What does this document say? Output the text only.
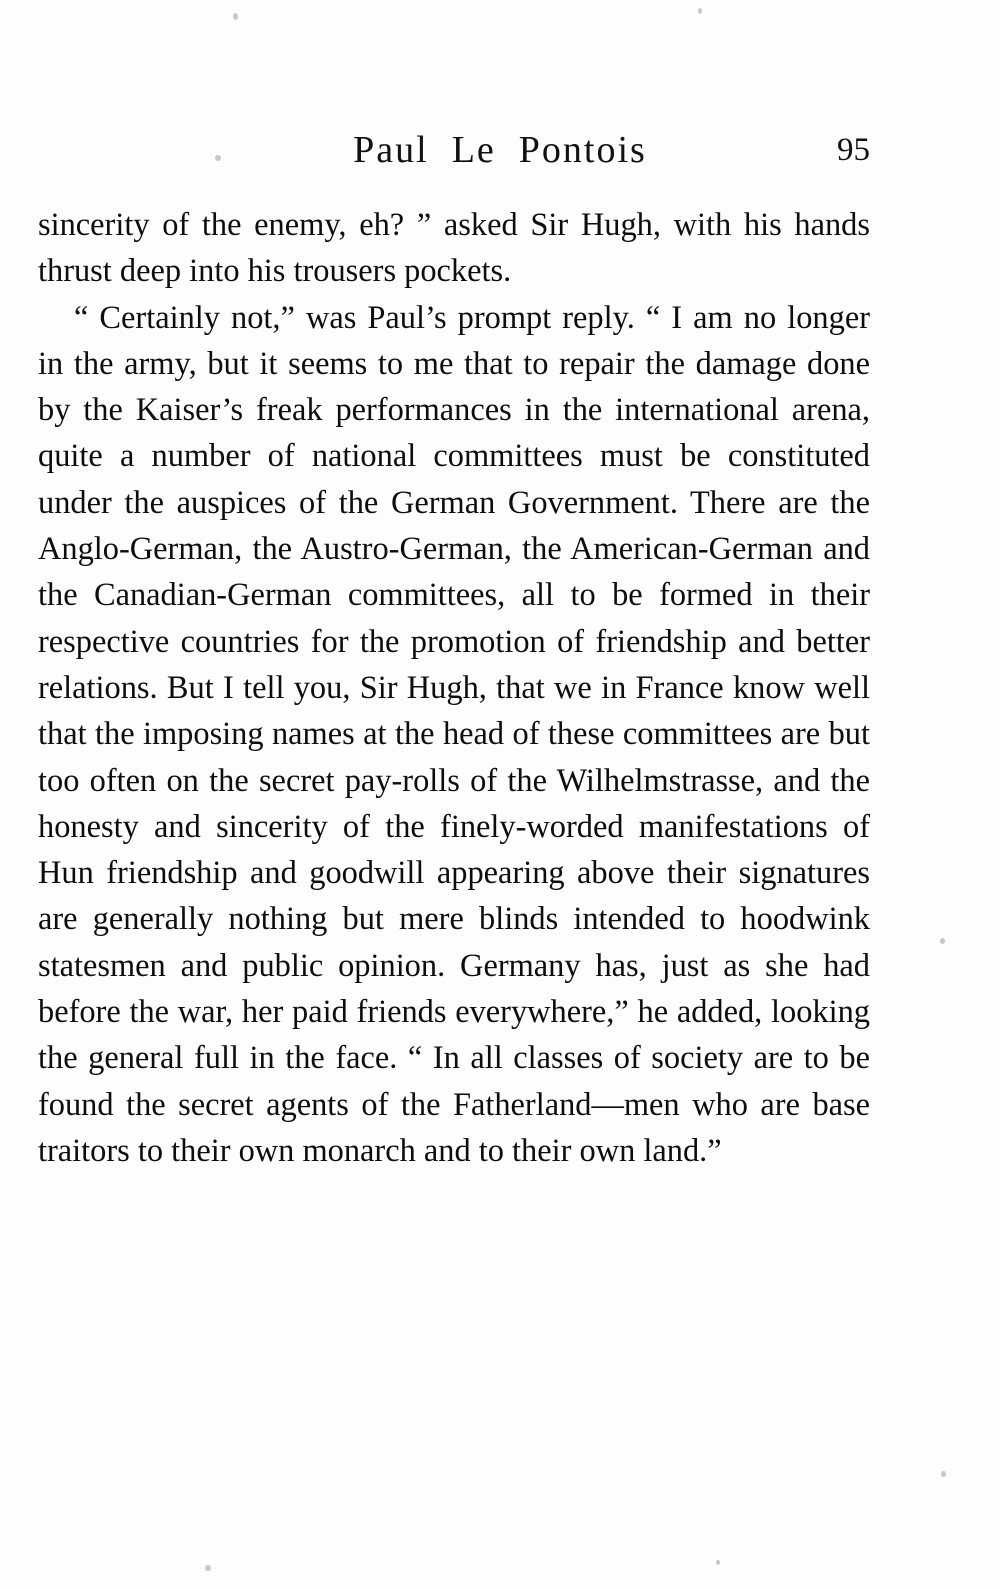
Paul  Le  Pontois	95

sincerity of the enemy, eh? ” asked Sir Hugh, with his hands thrust deep into his trousers pockets.

“ Certainly not,” was Paul’s prompt reply. “ I am no longer in the army, but it seems to me that to repair the damage done by the Kaiser’s freak performances in the international arena, quite a number of national committees must be constituted under the auspices of the German Government. There are the Anglo-German, the Austro-German, the American-German and the Canadian-German committees, all to be formed in their respective countries for the promotion of friendship and better relations. But I tell you, Sir Hugh, that we in France know well that the imposing names at the head of these committees are but too often on the secret pay-rolls of the Wilhelmstrasse, and the honesty and sincerity of the finely-worded manifestations of Hun friendship and goodwill appearing above their signatures are generally nothing but mere blinds intended to hoodwink statesmen and public opinion. Germany has, just as she had before the war, her paid friends everywhere,” he added, looking the general full in the face. “ In all classes of society are to be found the secret agents of the Fatherland—men who are base traitors to their own monarch and to their own land.”
